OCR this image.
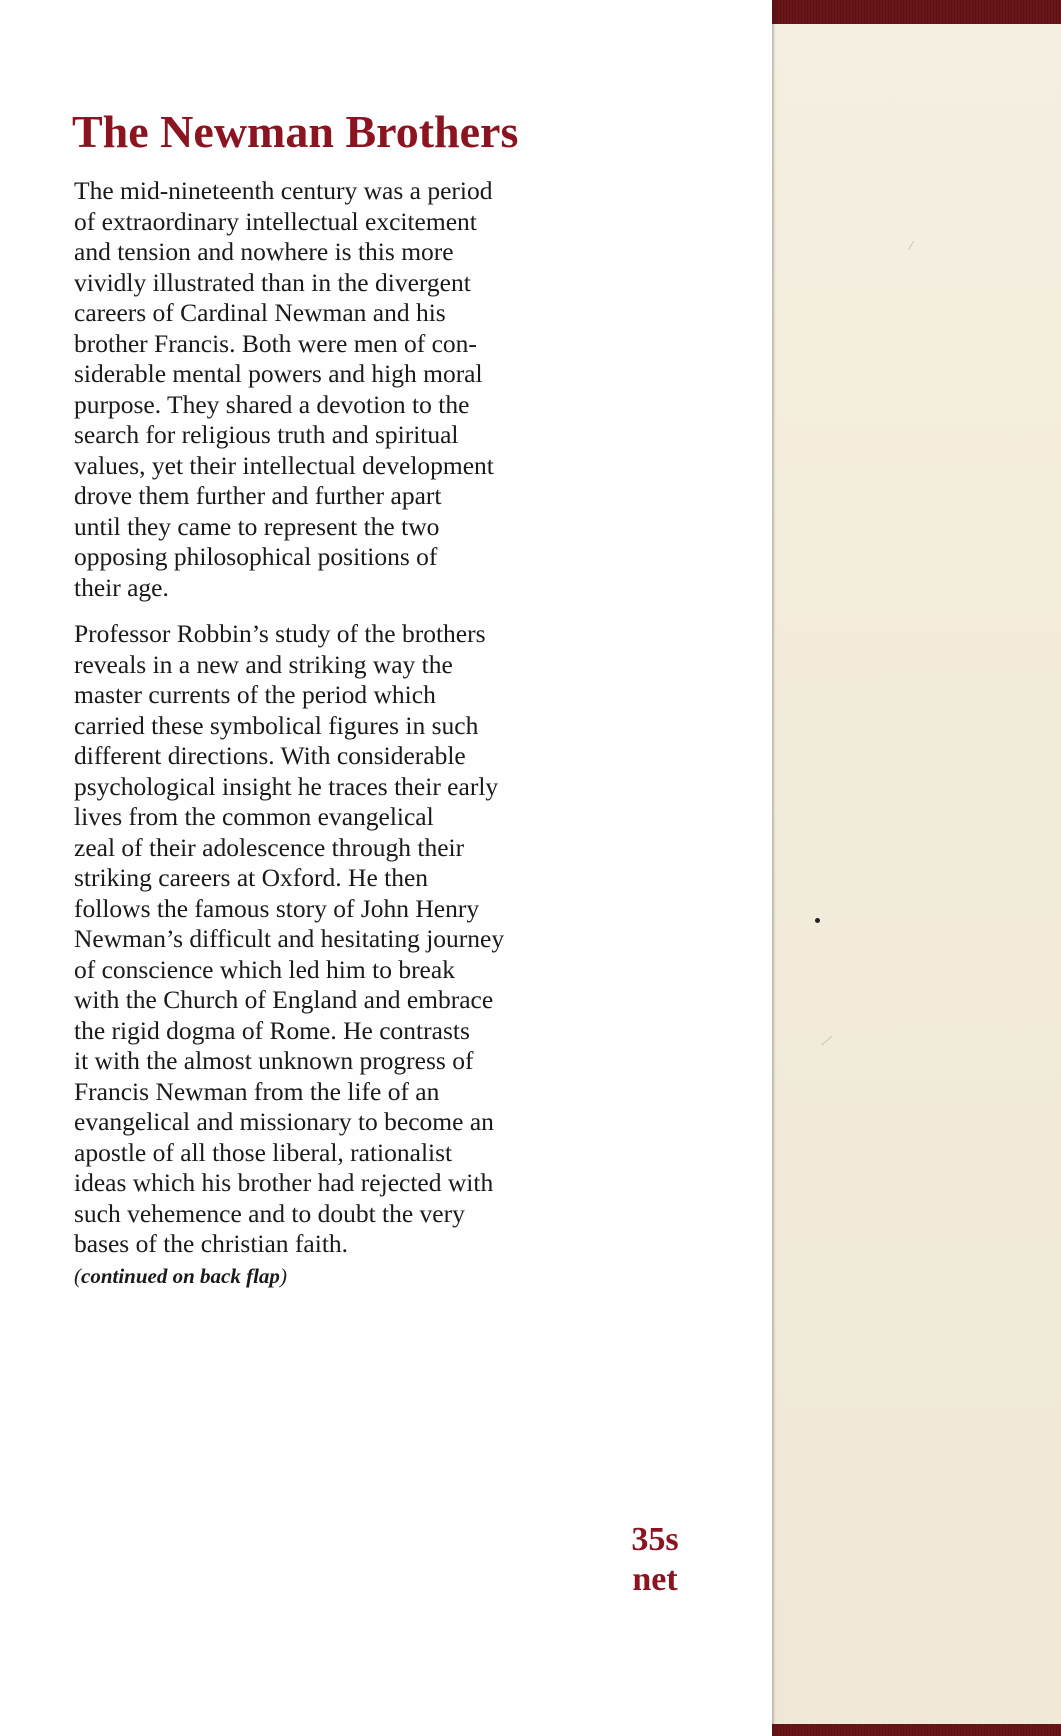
The Newman Brothers

The mid-nineteenth century was a period
of extraordinary intellectual excitement
and tension and nowhere is this more
vividly illustrated than in the divergent
careers of Cardinal Newman and his
brother Francis. Both were men of con-
siderable mental powers and high moral
purpose. They shared a devotion to the
search for religious truth and spiritual
values, yet their intellectual development
drove them further and further apart
until they came to represent the two
opposing philosophical positions of
their age.

Professor Robbin’s study of the brothers
reveals in a new and striking way the
master currents of the period which
carried these symbolical figures in such
different directions. With considerable
psychological insight he traces their early
lives from the common evangelical
zeal of their adolescence through their
striking careers at Oxford. He then
follows the famous story of John Henry
Newman’s difficult and hesitating journey
of conscience which led him to break
with the Church of England and embrace
the rigid dogma of Rome. He contrasts
it with the almost unknown progress of
Francis Newman from the life of an
evangelical and missionary to become an
apostle of all those liberal, rationalist
ideas which his brother had rejected with
such vehemence and to doubt the very
bases of the christian faith.
(continued on back flap)

35s
net
